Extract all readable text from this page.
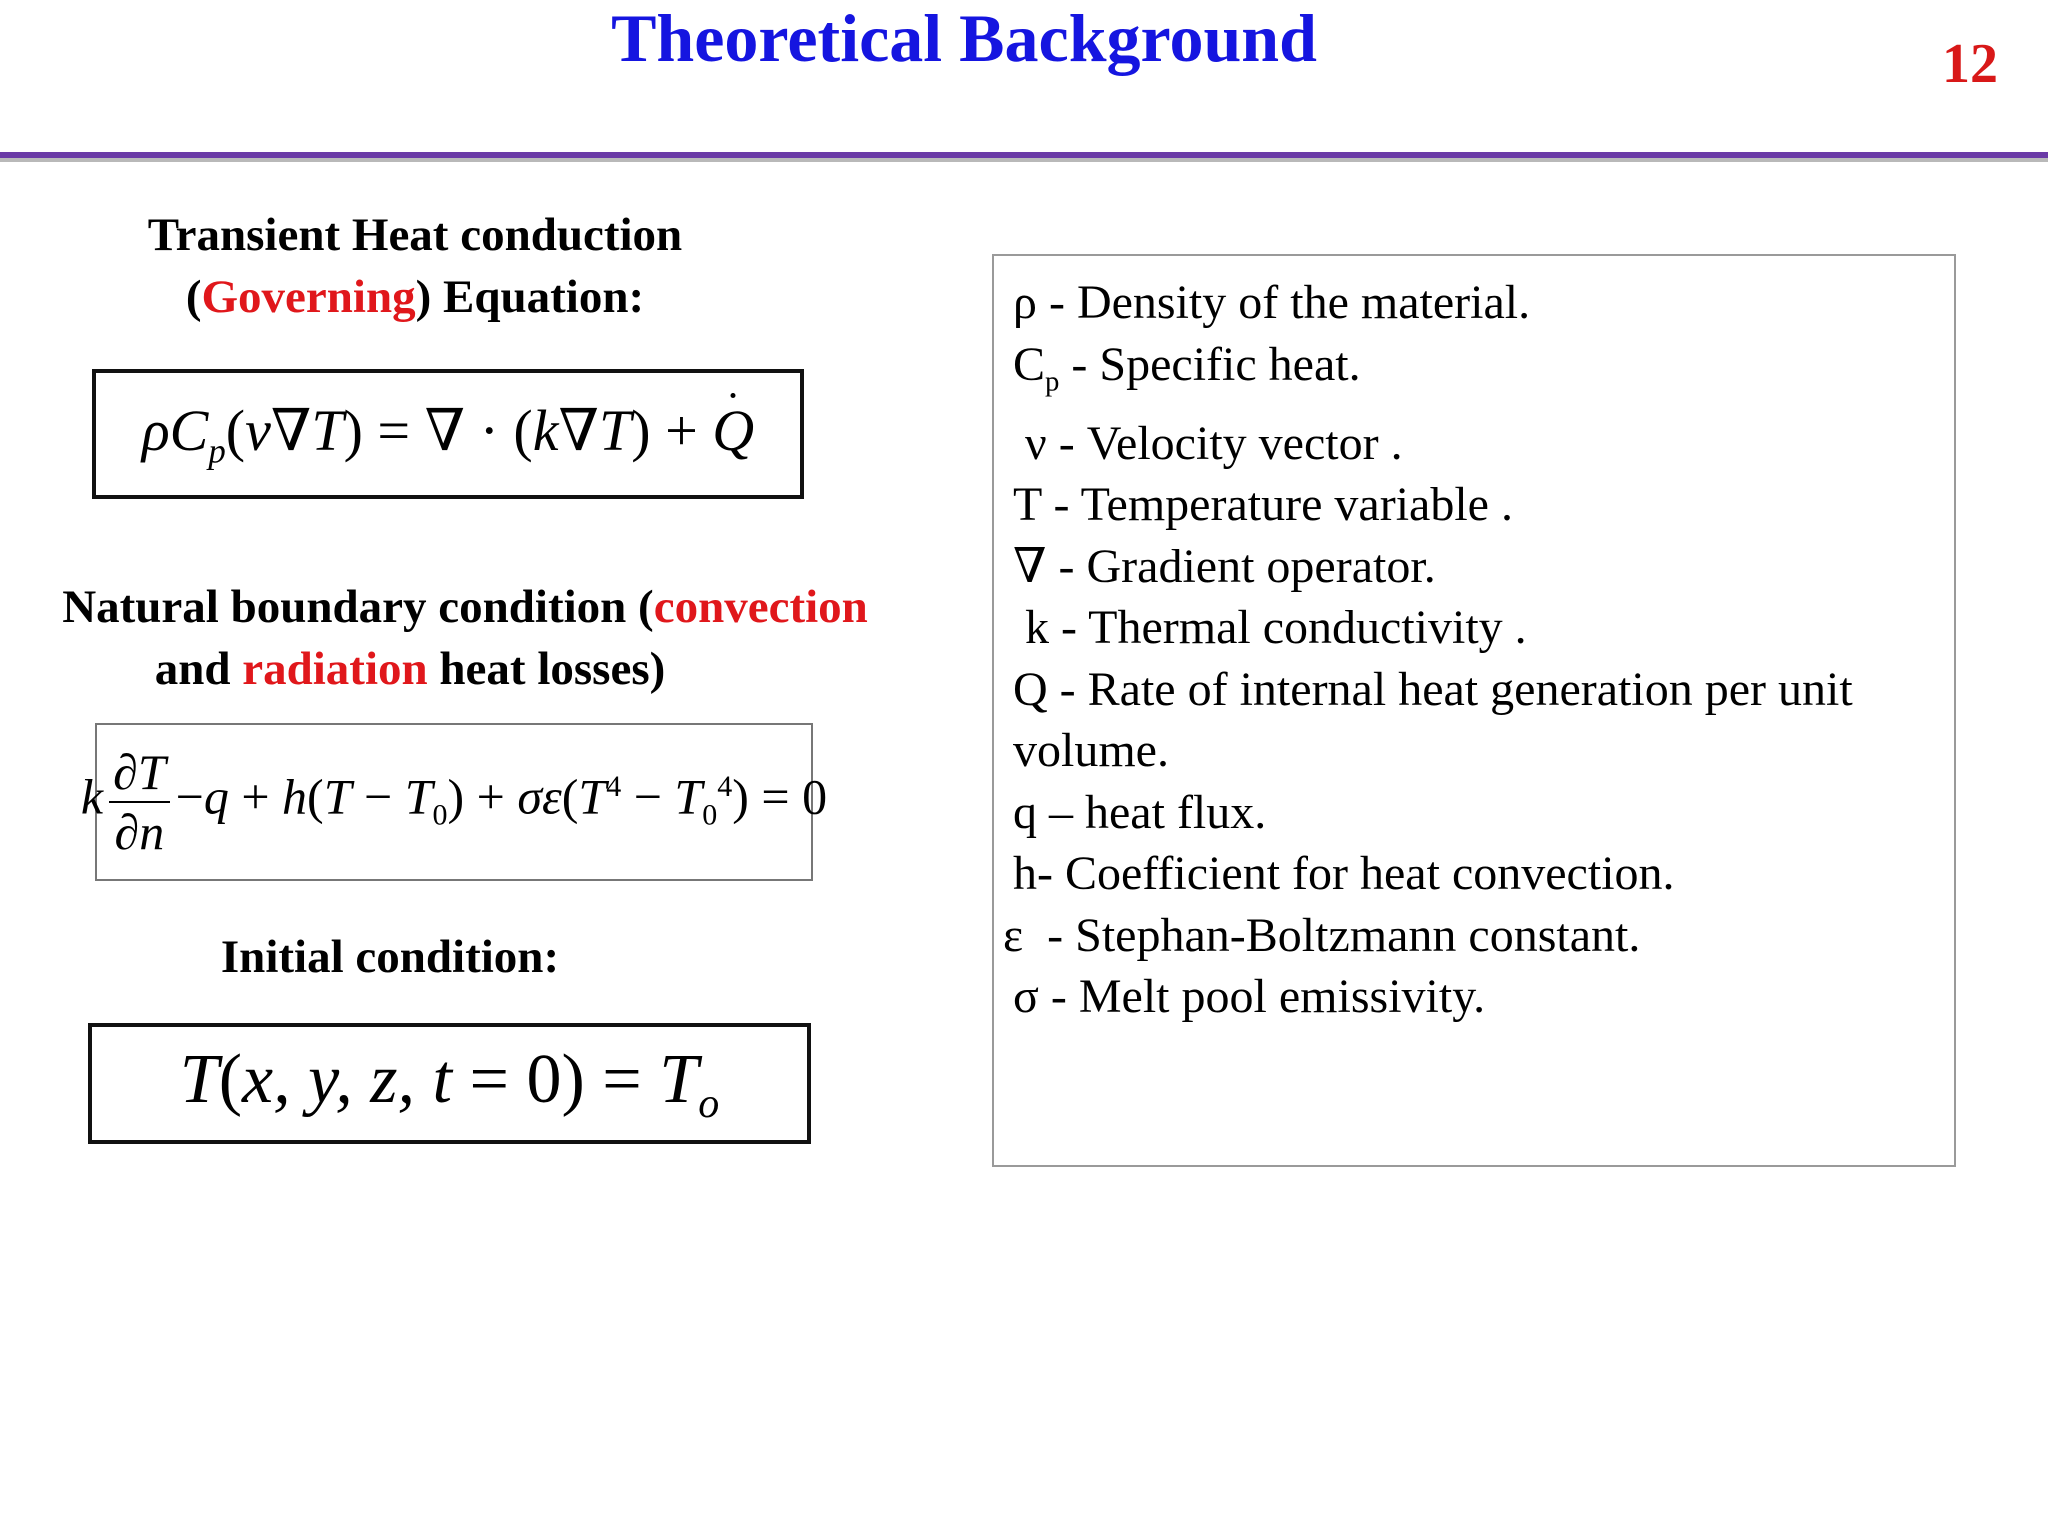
Theoretical Background	12
Transient Heat conduction
(Governing) Equation:
$\rho C_p(v\nabla T)$ = ∇ · (k∇T) + Q
Natural boundary condition (convection
and radiation heat losses)
k $\frac{\partial T}{\partial n} -q + h(T - T_0) + \sigma\varepsilon(T^4 - T_0^4) = 0$
Initial condition:
T(x, y, z, $t = 0) = T_o$
ρ - Density of the material.
$C_p$ - Specific heat.
ν - Velocity vector .
T - Temperature variable .
∇ - Gradient operator.
k - Thermal conductivity .
Q - Rate of internal heat generation per unit
volume.
q – heat flux.
h- Coefficient for heat convection.
ε  - Stephan-Boltzmann constant.
σ - Melt pool emissivity.
